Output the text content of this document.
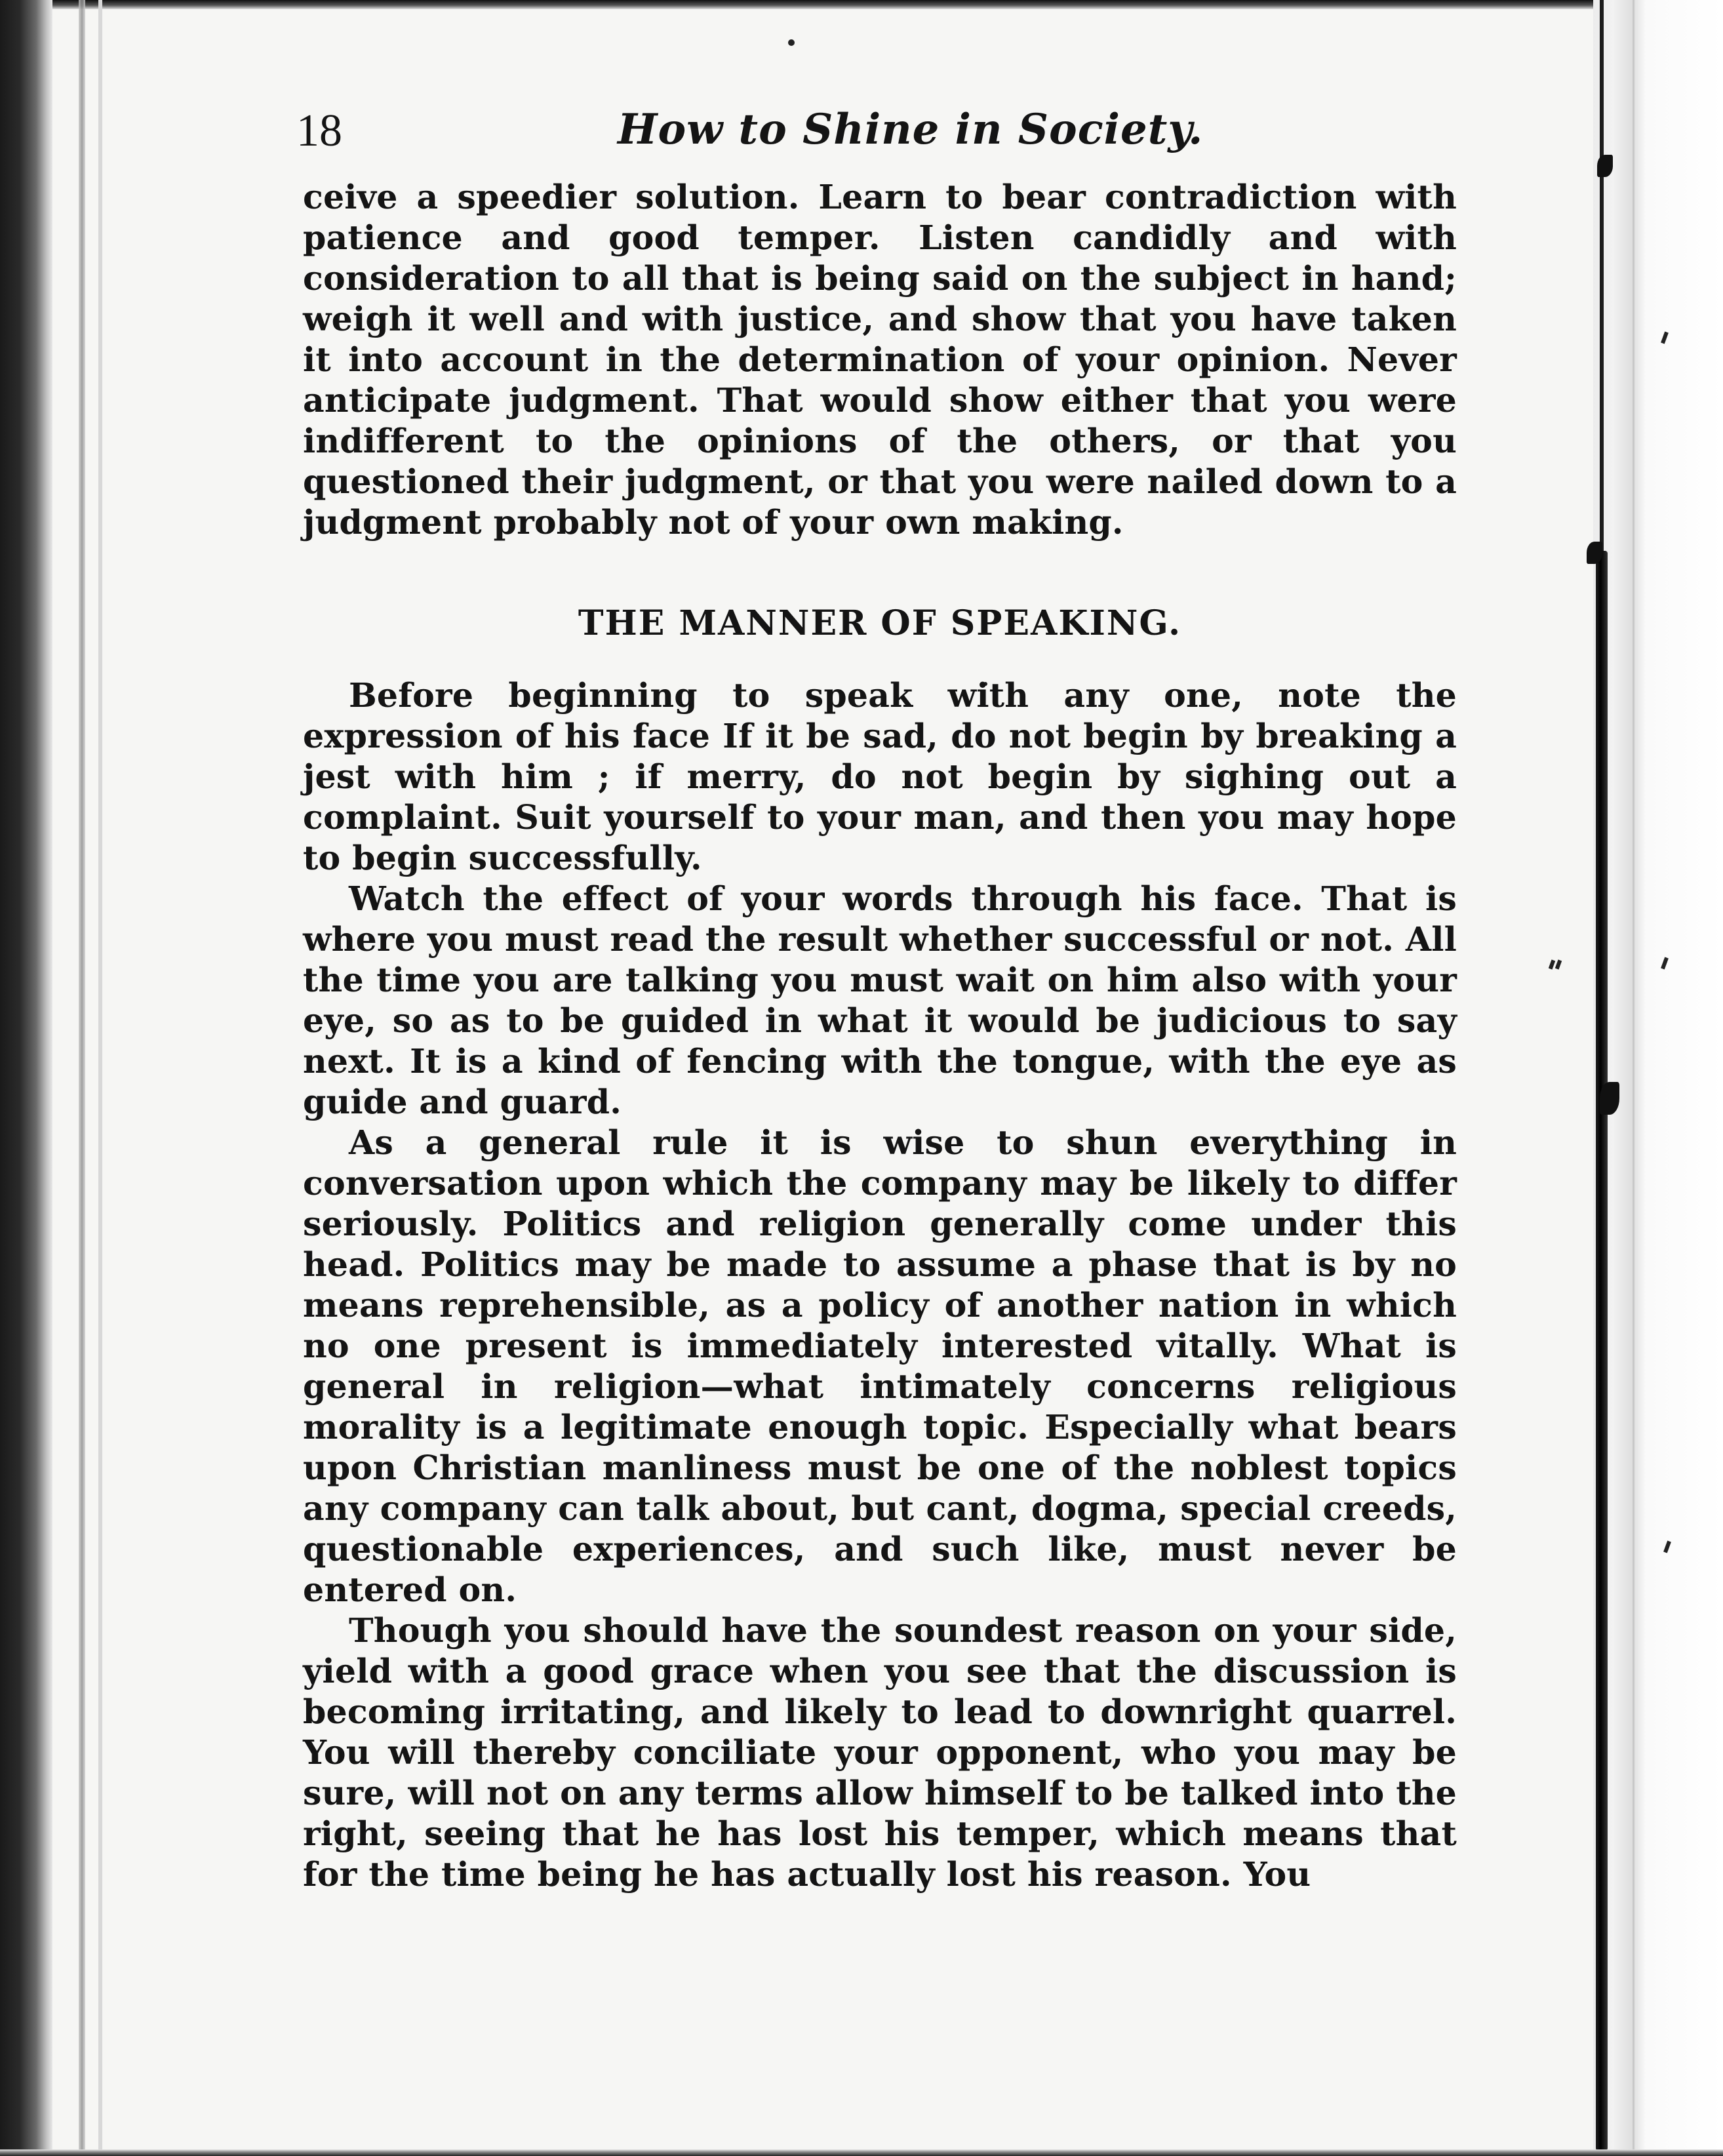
18	How to Shine in Society.

ceive a speedier solution. Learn to bear contradiction with patience and good temper. Listen candidly and with consideration to all that is being said on the subject in hand; weigh it well and with justice, and show that you have taken it into account in the determination of your opinion. Never anticipate judgment. That would show either that you were indifferent to the opinions of the others, or that you questioned their judgment, or that you were nailed down to a judgment probably not of your own making.

THE MANNER OF SPEAKING.

Before beginning to speak with any one, note the expression of his face If it be sad, do not begin by breaking a jest with him ; if merry, do not begin by sighing out a complaint. Suit yourself to your man, and then you may hope to begin successfully.

Watch the effect of your words through his face. That is where you must read the result whether successful or not. All the time you are talking you must wait on him also with your eye, so as to be guided in what it would be judicious to say next. It is a kind of fencing with the tongue, with the eye as guide and guard.

As a general rule it is wise to shun everything in conversation upon which the company may be likely to differ seriously. Politics and religion generally come under this head. Politics may be made to assume a phase that is by no means reprehensible, as a policy of another nation in which no one present is immediately interested vitally. What is general in religion—what intimately concerns religious morality is a legitimate enough topic. Especially what bears upon Christian manliness must be one of the noblest topics any company can talk about, but cant, dogma, special creeds, questionable experiences, and such like, must never be entered on.

Though you should have the soundest reason on your side, yield with a good grace when you see that the discussion is becoming irritating, and likely to lead to downright quarrel. You will thereby conciliate your opponent, who you may be sure, will not on any terms allow himself to be talked into the right, seeing that he has lost his temper, which means that for the time being he has actually lost his reason. You
